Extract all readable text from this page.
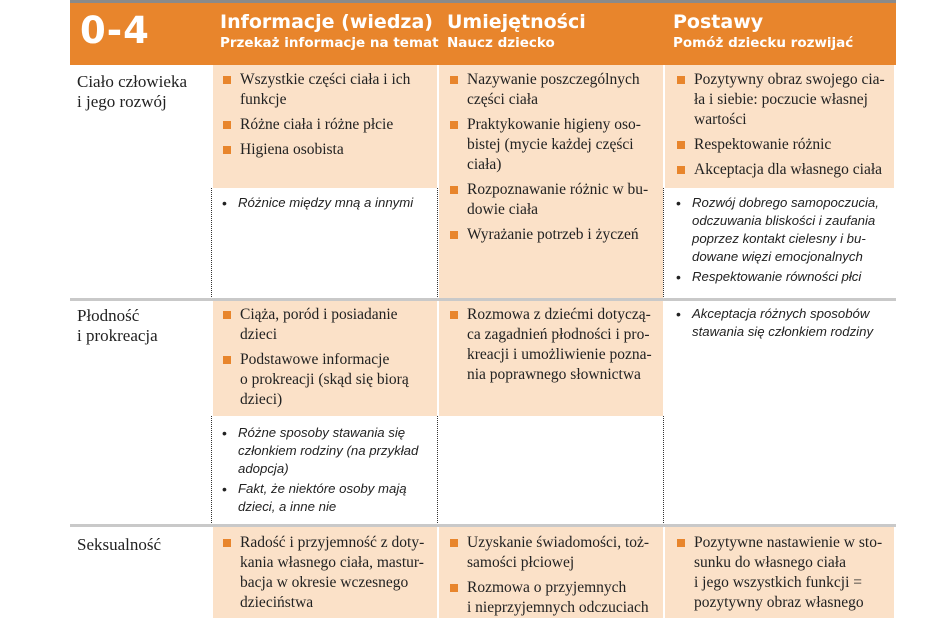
0-4	Informacje (wiedza)
Przekaż informacje na temat
Umiejętności
Naucz dziecko
Postawy
Pomóż dziecku rozwijać
Ciało człowieka
i jego rozwój
Płodność
i prokreacja
Seksualność
Wszystkie części ciała i ich
funkcje
Różne ciała i różne płcie
Higiena osobista
• Różnice między mną a innymi
Nazywanie poszczególnych
części ciała
Praktykowanie higieny oso-
bistej (mycie każdej części
ciała)
Rozpoznawanie różnic w bu-
dowie ciała
Wyrażanie potrzeb i życzeń
Pozytywny obraz swojego cia-
ła i siebie: poczucie własnej
wartości
Respektowanie różnic
Akceptacja dla własnego ciała
• Rozwój dobrego samopoczucia,
odczuwania bliskości i zaufania
poprzez kontakt cielesny i bu-
dowane więzi emocjonalnych
• Respektowanie równości płci
Ciąża, poród i posiadanie
dzieci
Podstawowe informacje
o prokreacji (skąd się biorą
dzieci)
• Różne sposoby stawania się
członkiem rodziny (na przykład
adopcja)
• Fakt, że niektóre osoby mają
dzieci, a inne nie
Rozmowa z dziećmi dotyczą-
ca zagadnień płodności i pro-
kreacji i umożliwienie pozna-
nia poprawnego słownictwa
• Akceptacja różnych sposobów
stawania się członkiem rodziny
Radość i przyjemność z doty-
kania własnego ciała, mastur-
bacja w okresie wczesnego
dzieciństwa
Uzyskanie świadomości, toż-
samości płciowej
Rozmowa o przyjemnych
i nieprzyjemnych odczuciach
Pozytywne nastawienie w sto-
sunku do własnego ciała
i jego wszystkich funkcji =
pozytywny obraz własnego
